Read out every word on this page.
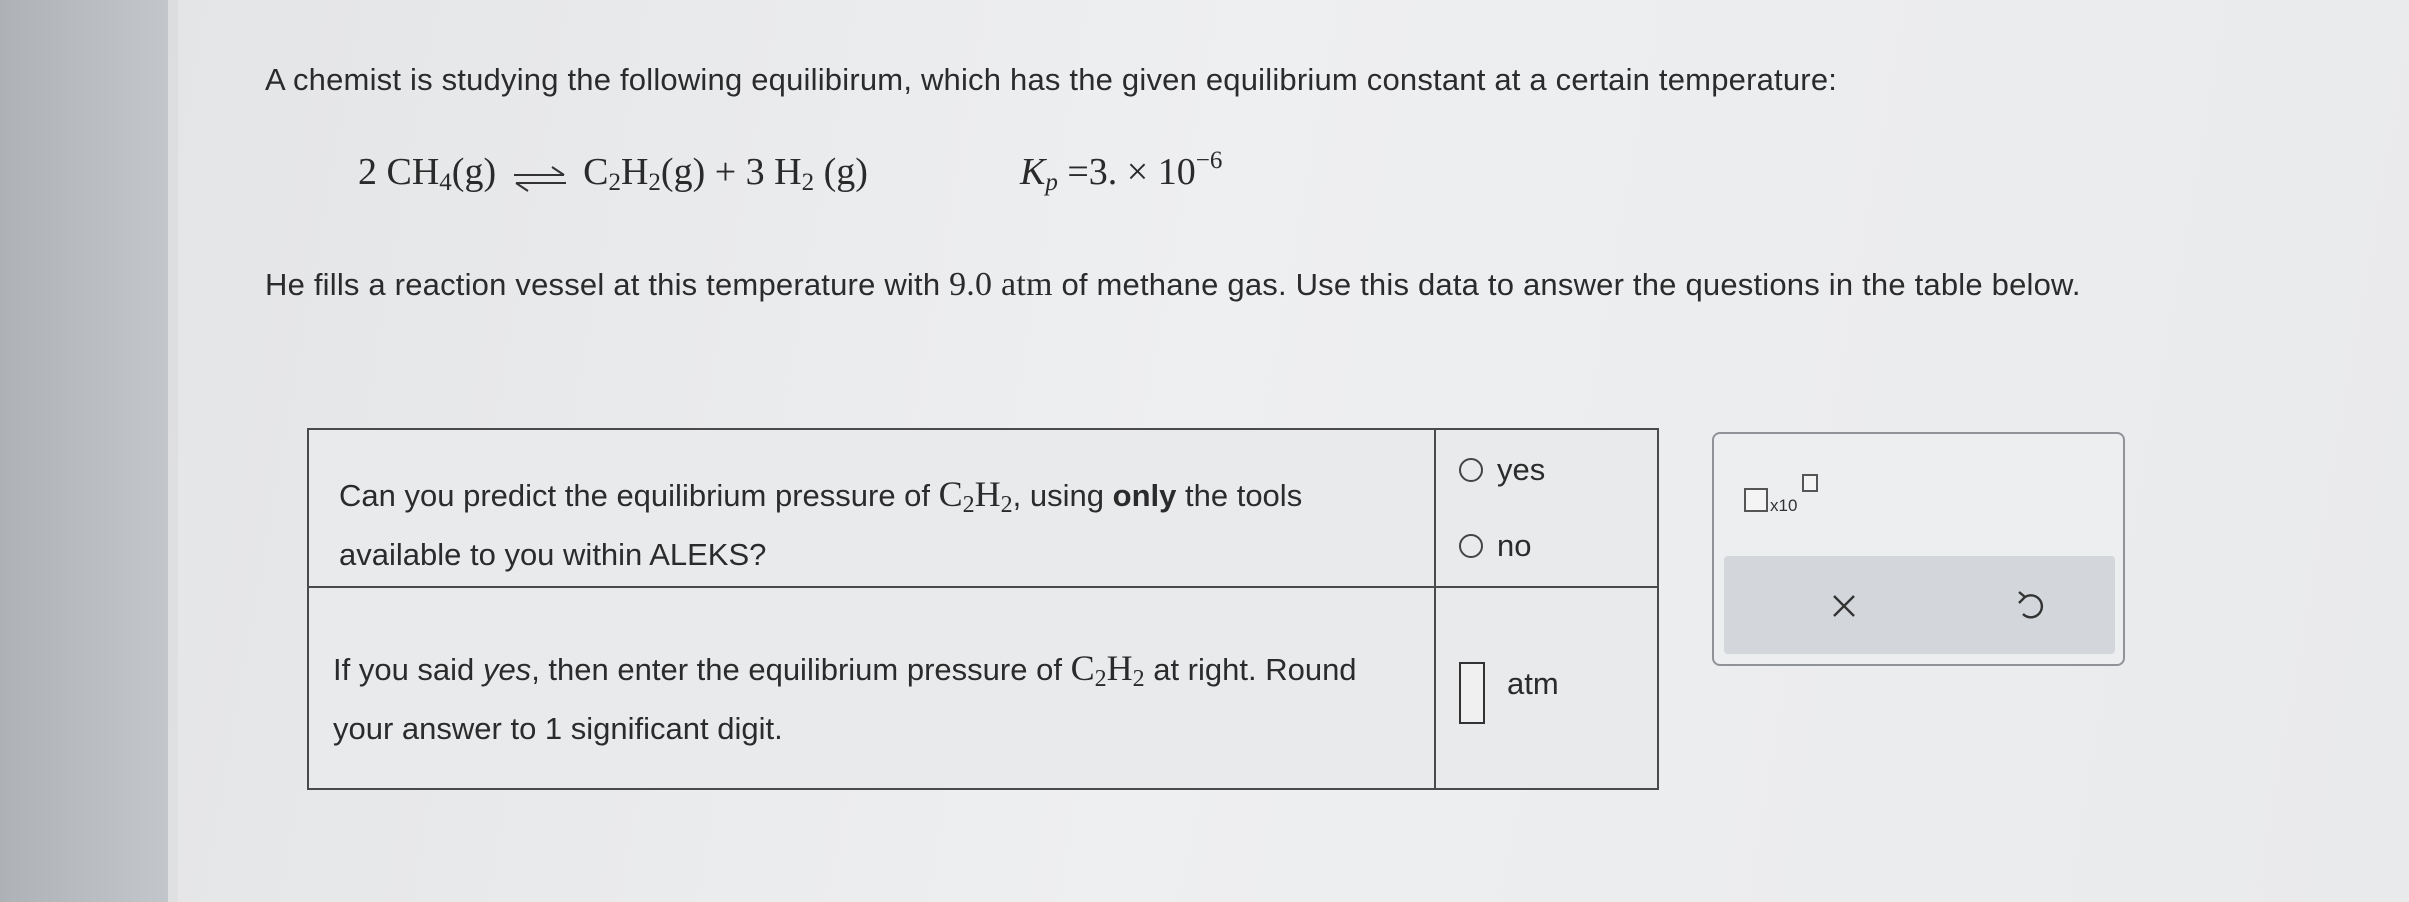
A chemist is studying the following equilibirum, which has the given equilibrium constant at a certain temperature:
2 $CH_4(g)$ ⇌ $C_2H_2(g) + 3$ $H_2$ (g)	$K_p =3$. × $10^{-6}$
He fills a reaction vessel at this temperature with 9.0 atm of methane gas. Use this data to answer the questions in the table below.
Can you predict the equilibrium pressure of $C_2H_2$, using only the tools available to you within ALEKS?
yes
no
If you said yes, then enter the equilibrium pressure of $C_2H_2$ at right. Round your answer to 1 significant digit.
atm
x10
